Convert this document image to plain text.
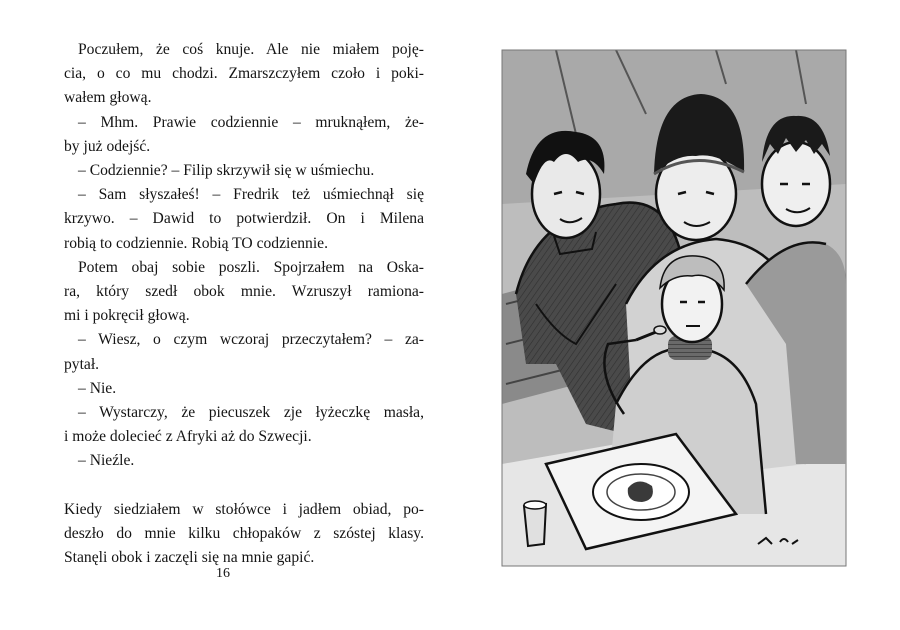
Poczułem, że coś knuje. Ale nie miałem poję-
cia, o co mu chodzi. Zmarszczyłem czoło i poki-
wałem głową.
– Mhm. Prawie codziennie – mruknąłem, że-
by już odejść.
– Codziennie? – Filip skrzywił się w uśmiechu.
– Sam słyszałeś! – Fredrik też uśmiechnął się
krzywo. – Dawid to potwierdził. On i Milena
robią to codziennie. Robią TO codziennie.
Potem obaj sobie poszli. Spojrzałem na Oska-
ra, który szedł obok mnie. Wzruszył ramiona-
mi i pokręcił głową.
– Wiesz, o czym wczoraj przeczytałem? – za-
pytał.
– Nie.
– Wystarczy, że piecuszek zje łyżeczkę masła,
i może dolecieć z Afryki aż do Szwecji.
– Nieźle.
Kiedy siedziałem w stołówce i jadłem obiad, po-
deszło do mnie kilku chłopaków z szóstej klasy.
Stanęli obok i zaczęli się na mnie gapić.
16
